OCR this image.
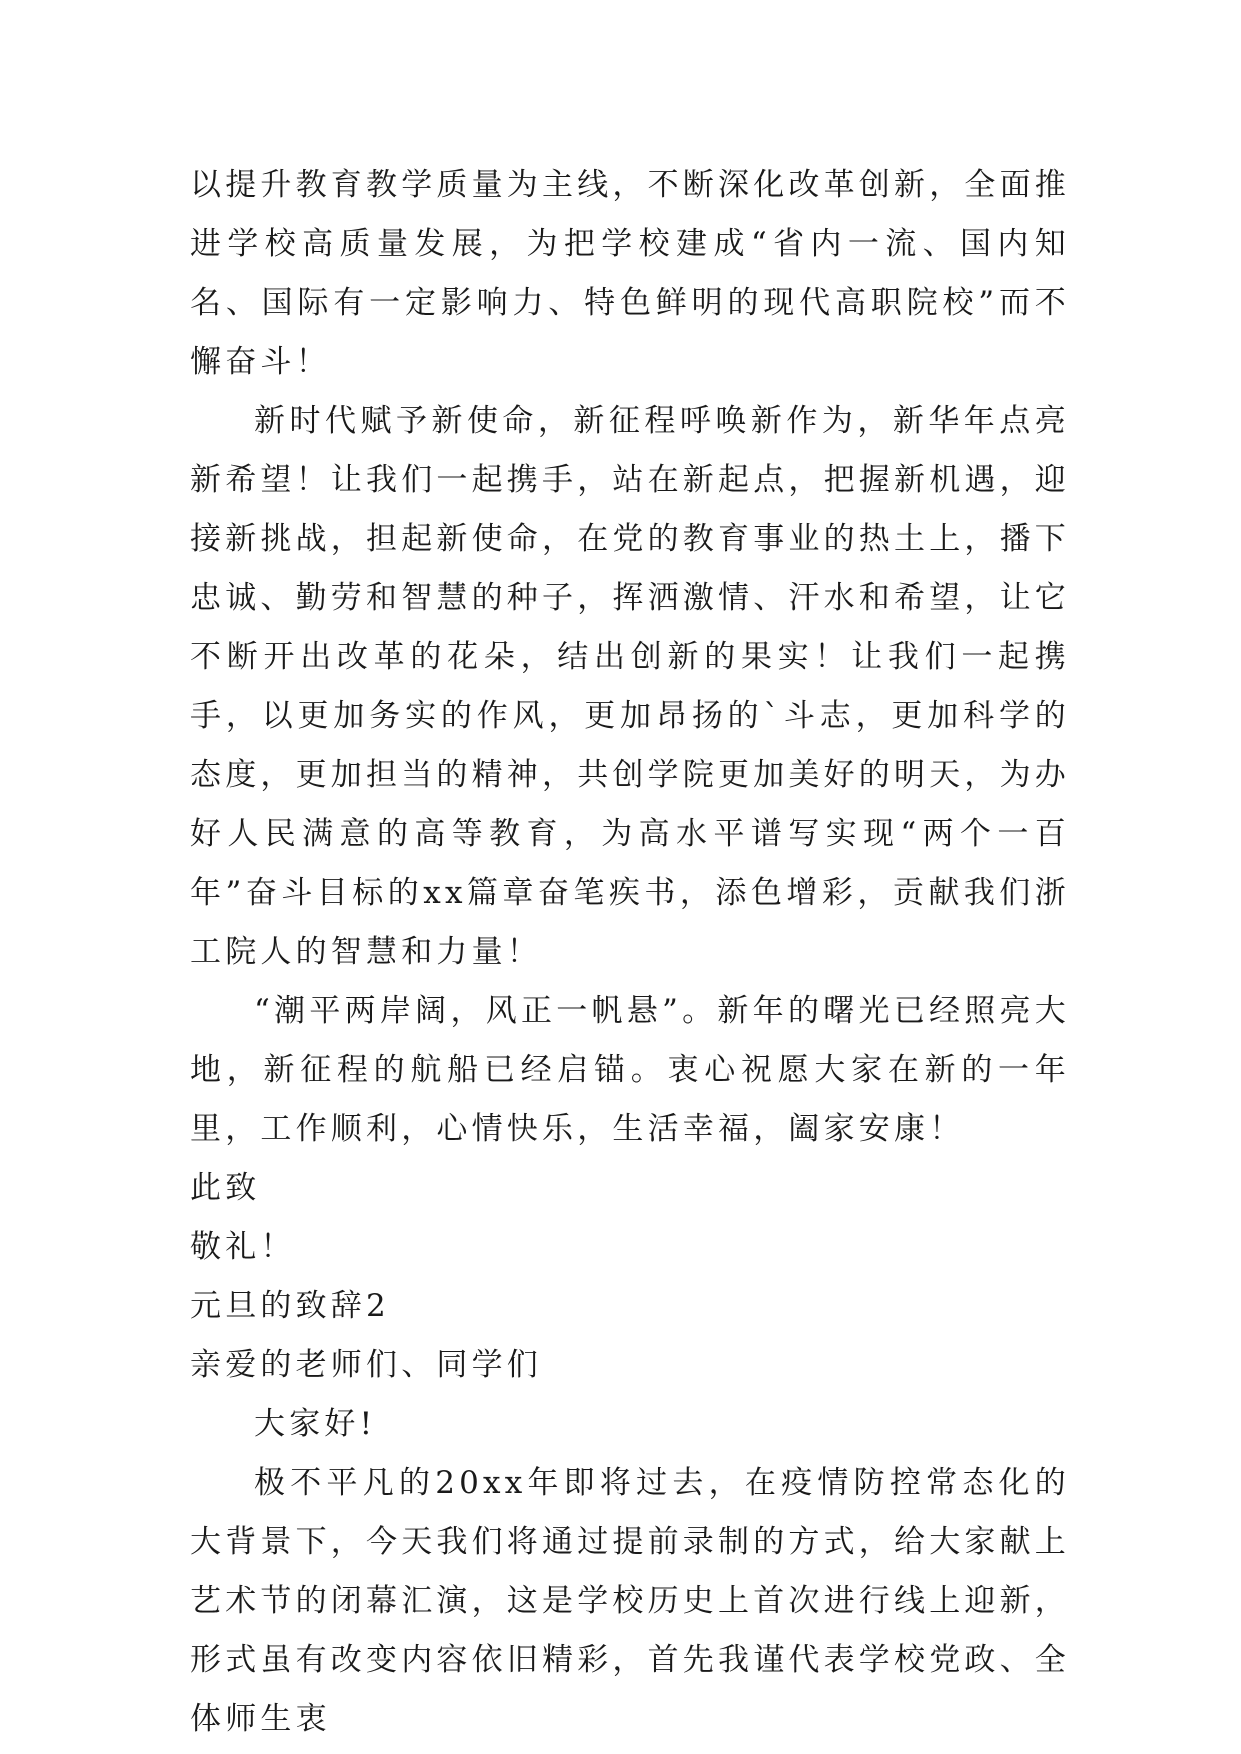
以提升教育教学质量为主线，不断深化改革创新，全面推进学校高质量发展，为把学校建成“省内一流、国内知名、国际有一定影响力、特色鲜明的现代高职院校”而不懈奋斗！

新时代赋予新使命，新征程呼唤新作为，新华年点亮新希望！让我们一起携手，站在新起点，把握新机遇，迎接新挑战，担起新使命，在党的教育事业的热土上，播下忠诚、勤劳和智慧的种子，挥洒激情、汗水和希望，让它不断开出改革的花朵，结出创新的果实！让我们一起携手，以更加务实的作风，更加昂扬的`斗志，更加科学的态度，更加担当的精神，共创学院更加美好的明天，为办好人民满意的高等教育，为高水平谱写实现“两个一百年”奋斗目标的xx篇章奋笔疾书，添色增彩，贡献我们浙工院人的智慧和力量！

“潮平两岸阔，风正一帆悬”。新年的曙光已经照亮大地，新征程的航船已经启锚。衷心祝愿大家在新的一年里，工作顺利，心情快乐，生活幸福，阖家安康！

此致

敬礼！

元旦的致辞2

亲爱的老师们、同学们

大家好!

极不平凡的20xx年即将过去，在疫情防控常态化的大背景下，今天我们将通过提前录制的方式，给大家献上艺术节的闭幕汇演，这是学校历史上首次进行线上迎新，形式虽有改变内容依旧精彩，首先我谨代表学校党政、全体师生衷
